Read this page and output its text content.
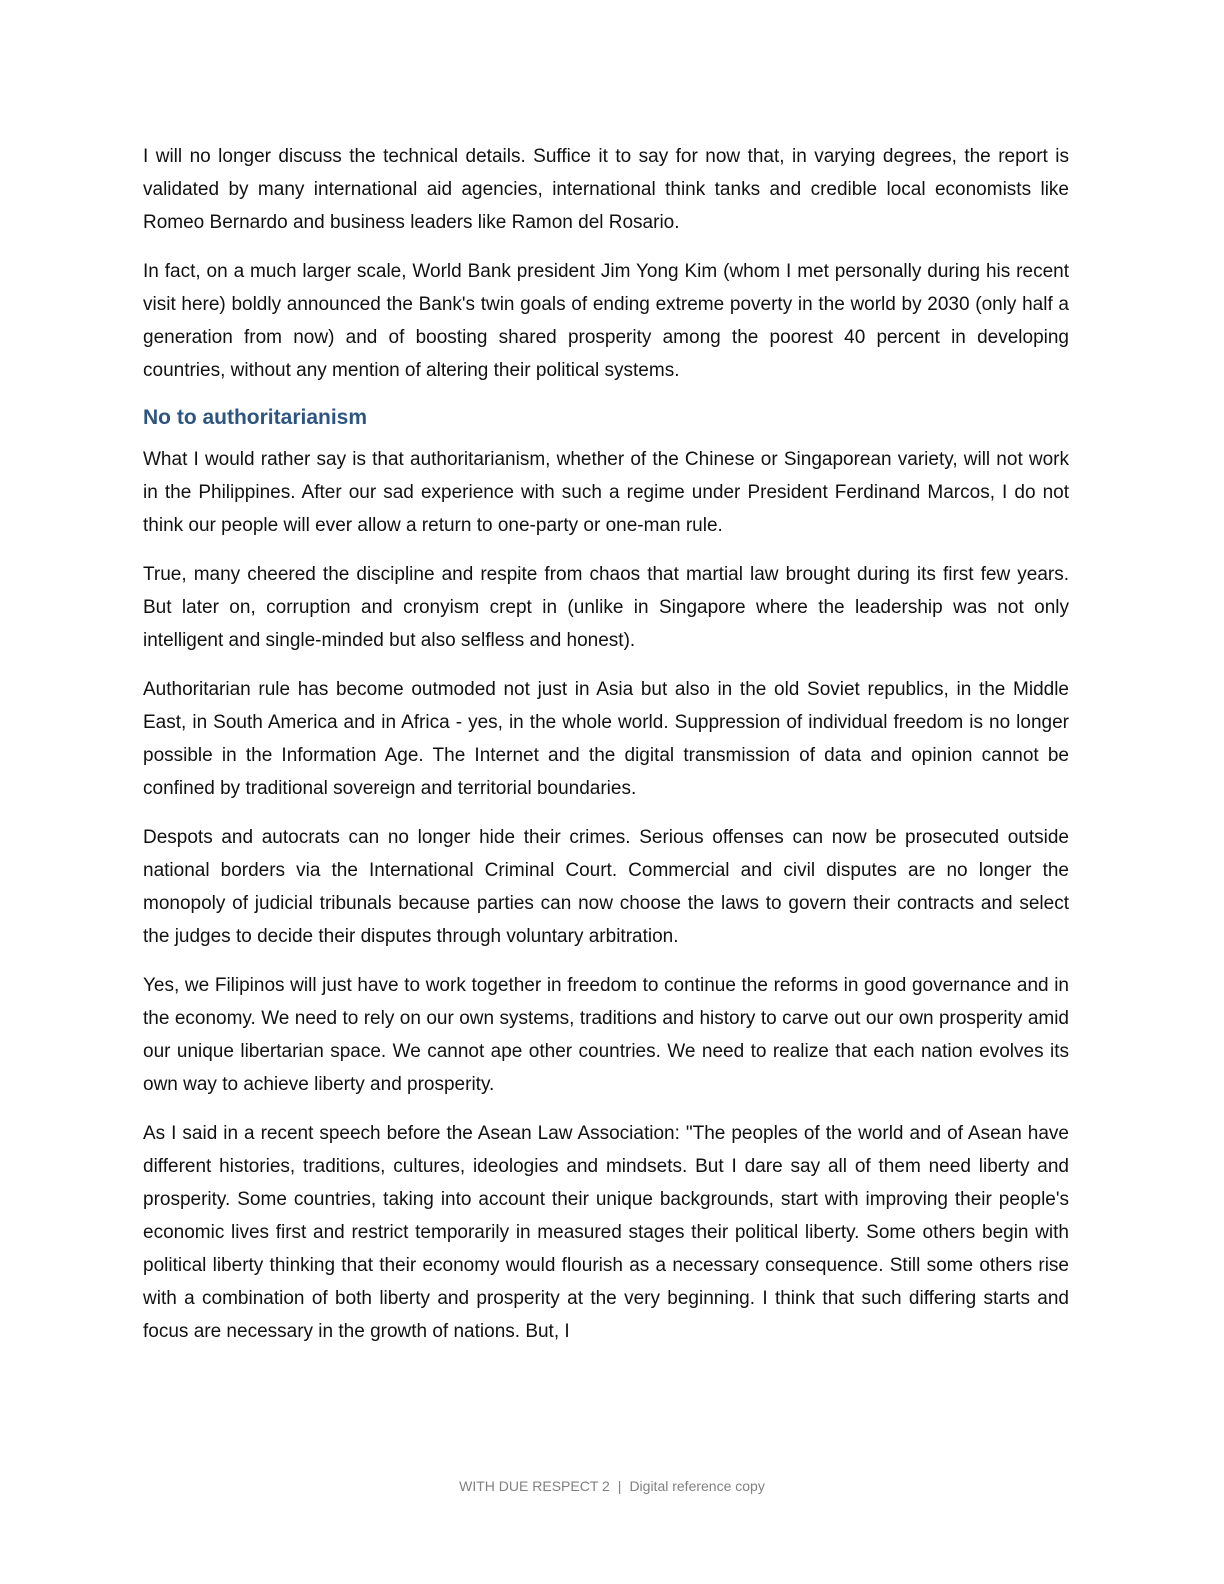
I will no longer discuss the technical details. Suffice it to say for now that, in varying degrees, the report is validated by many international aid agencies, international think tanks and credible local economists like Romeo Bernardo and business leaders like Ramon del Rosario.

In fact, on a much larger scale, World Bank president Jim Yong Kim (whom I met personally during his recent visit here) boldly announced the Bank's twin goals of ending extreme poverty in the world by 2030 (only half a generation from now) and of boosting shared prosperity among the poorest 40 percent in developing countries, without any mention of altering their political systems.

No to authoritarianism

What I would rather say is that authoritarianism, whether of the Chinese or Singaporean variety, will not work in the Philippines. After our sad experience with such a regime under President Ferdinand Marcos, I do not think our people will ever allow a return to one-party or one-man rule.

True, many cheered the discipline and respite from chaos that martial law brought during its first few years. But later on, corruption and cronyism crept in (unlike in Singapore where the leadership was not only intelligent and single-minded but also selfless and honest).

Authoritarian rule has become outmoded not just in Asia but also in the old Soviet republics, in the Middle East, in South America and in Africa - yes, in the whole world. Suppression of individual freedom is no longer possible in the Information Age. The Internet and the digital transmission of data and opinion cannot be confined by traditional sovereign and territorial boundaries.

Despots and autocrats can no longer hide their crimes. Serious offenses can now be prosecuted outside national borders via the International Criminal Court. Commercial and civil disputes are no longer the monopoly of judicial tribunals because parties can now choose the laws to govern their contracts and select the judges to decide their disputes through voluntary arbitration.

Yes, we Filipinos will just have to work together in freedom to continue the reforms in good governance and in the economy. We need to rely on our own systems, traditions and history to carve out our own prosperity amid our unique libertarian space. We cannot ape other countries. We need to realize that each nation evolves its own way to achieve liberty and prosperity.

As I said in a recent speech before the Asean Law Association: "The peoples of the world and of Asean have different histories, traditions, cultures, ideologies and mindsets. But I dare say all of them need liberty and prosperity. Some countries, taking into account their unique backgrounds, start with improving their people's economic lives first and restrict temporarily in measured stages their political liberty. Some others begin with political liberty thinking that their economy would flourish as a necessary consequence. Still some others rise with a combination of both liberty and prosperity at the very beginning. I think that such differing starts and focus are necessary in the growth of nations. But, I

WITH DUE RESPECT 2 | Digital reference copy
